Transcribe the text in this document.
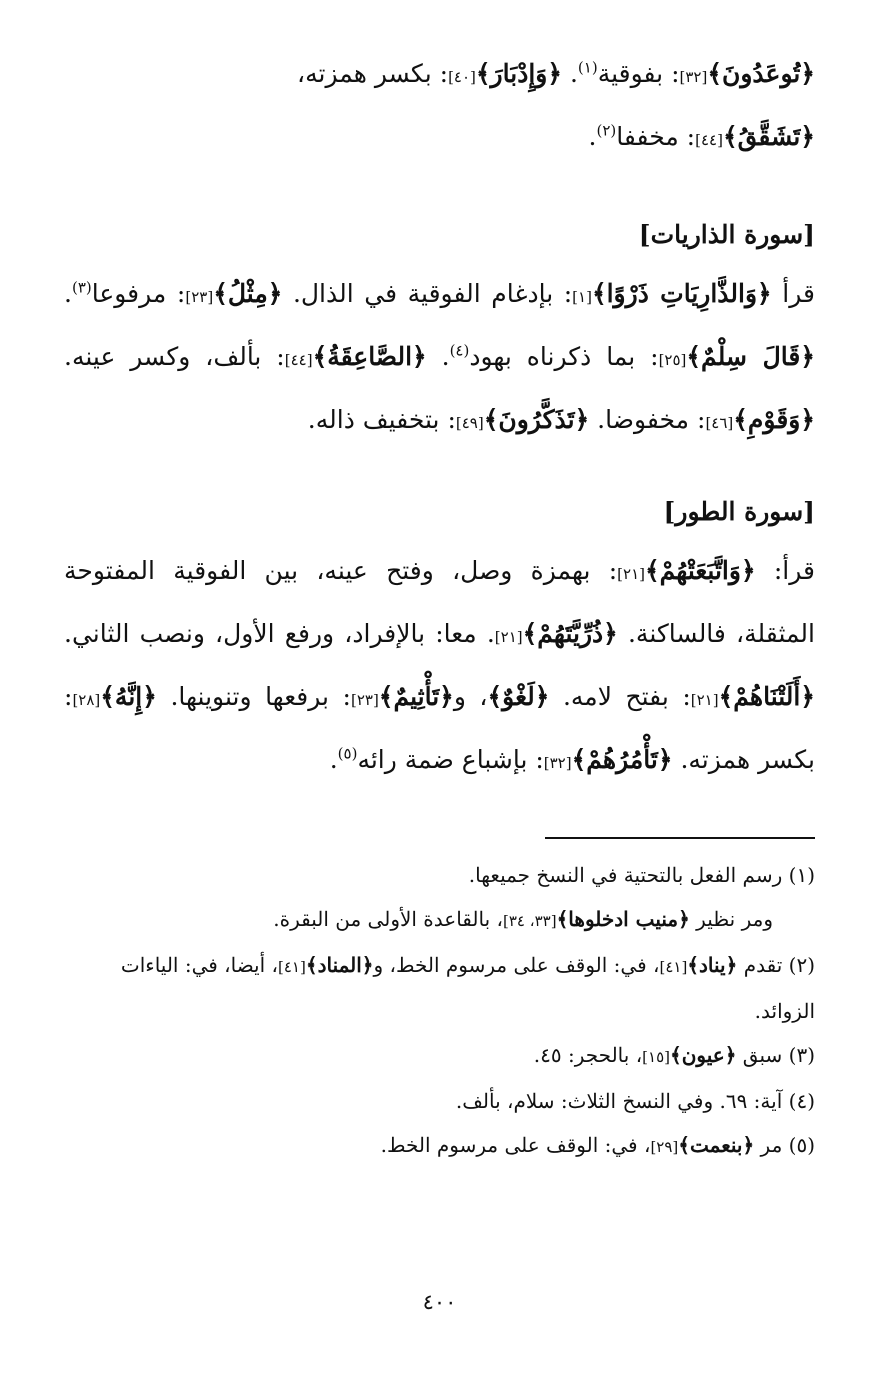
﴿تُوعَدُونَ﴾[٣٢]: بفوقية$^{(١)}$. ﴿وَإِدْبَارَ﴾[٤٠]: بكسر همزته،
﴿تَشَقَّقُ﴾[٤٤]: مخففا$^{(٢)}$.

[سورة الذاريات]

قرأ ﴿وَالذَّارِيَاتِ ذَرْوًا﴾[١]: بإدغام الفوقية في الذال. ﴿مِثْلُ﴾[٢٣]: مرفوعا$^{(٣)}$. ﴿قَالَ سِلْمٌ﴾[٢٥]: بما ذكرناه بهود$^{(٤)}$. ﴿الصَّاعِقَةُ﴾[٤٤]: بألف، وكسر عينه. ﴿وَقَوْمِ﴾[٤٦]: مخفوضا. ﴿تَذَكَّرُونَ﴾[٤٩]: بتخفيف ذاله.

[سورة الطور]

قرأ: ﴿وَاتَّبَعَتْهُمْ﴾[٢١]: بهمزة وصل، وفتح عينه، بين الفوقية المفتوحة المثقلة، فالساكنة. ﴿ذُرِّيَّتَهُمْ﴾[٢١]. معا: بالإفراد، ورفع الأول، ونصب الثاني. ﴿أَلَتْنَاهُمْ﴾[٢١]: بفتح لامه. ﴿لَغْوٌ﴾، و﴿تَأْثِيمٌ﴾[٢٣]: برفعها وتنوينها. ﴿إِنَّهُ﴾[٢٨]: بكسر همزته. ﴿تَأْمُرُهُمْ﴾[٣٢]: بإشباع ضمة رائه$^{(٥)}$.

(١) رسم الفعل بالتحتية في النسخ جميعها.
ومر نظير ﴿منيب ادخلوها﴾[٣٣، ٣٤]، بالقاعدة الأولى من البقرة.
(٢) تقدم ﴿يناد﴾[٤١]، في: الوقف على مرسوم الخط، و﴿المناد﴾[٤١]، أيضا، في: الياءات الزوائد.
(٣) سبق ﴿عيون﴾[١٥]، بالحجر: ٤٥.
(٤) آية: ٦٩. وفي النسخ الثلاث: سلام، بألف.
(٥) مر ﴿بنعمت﴾[٢٩]، في: الوقف على مرسوم الخط.
٤٠٠
